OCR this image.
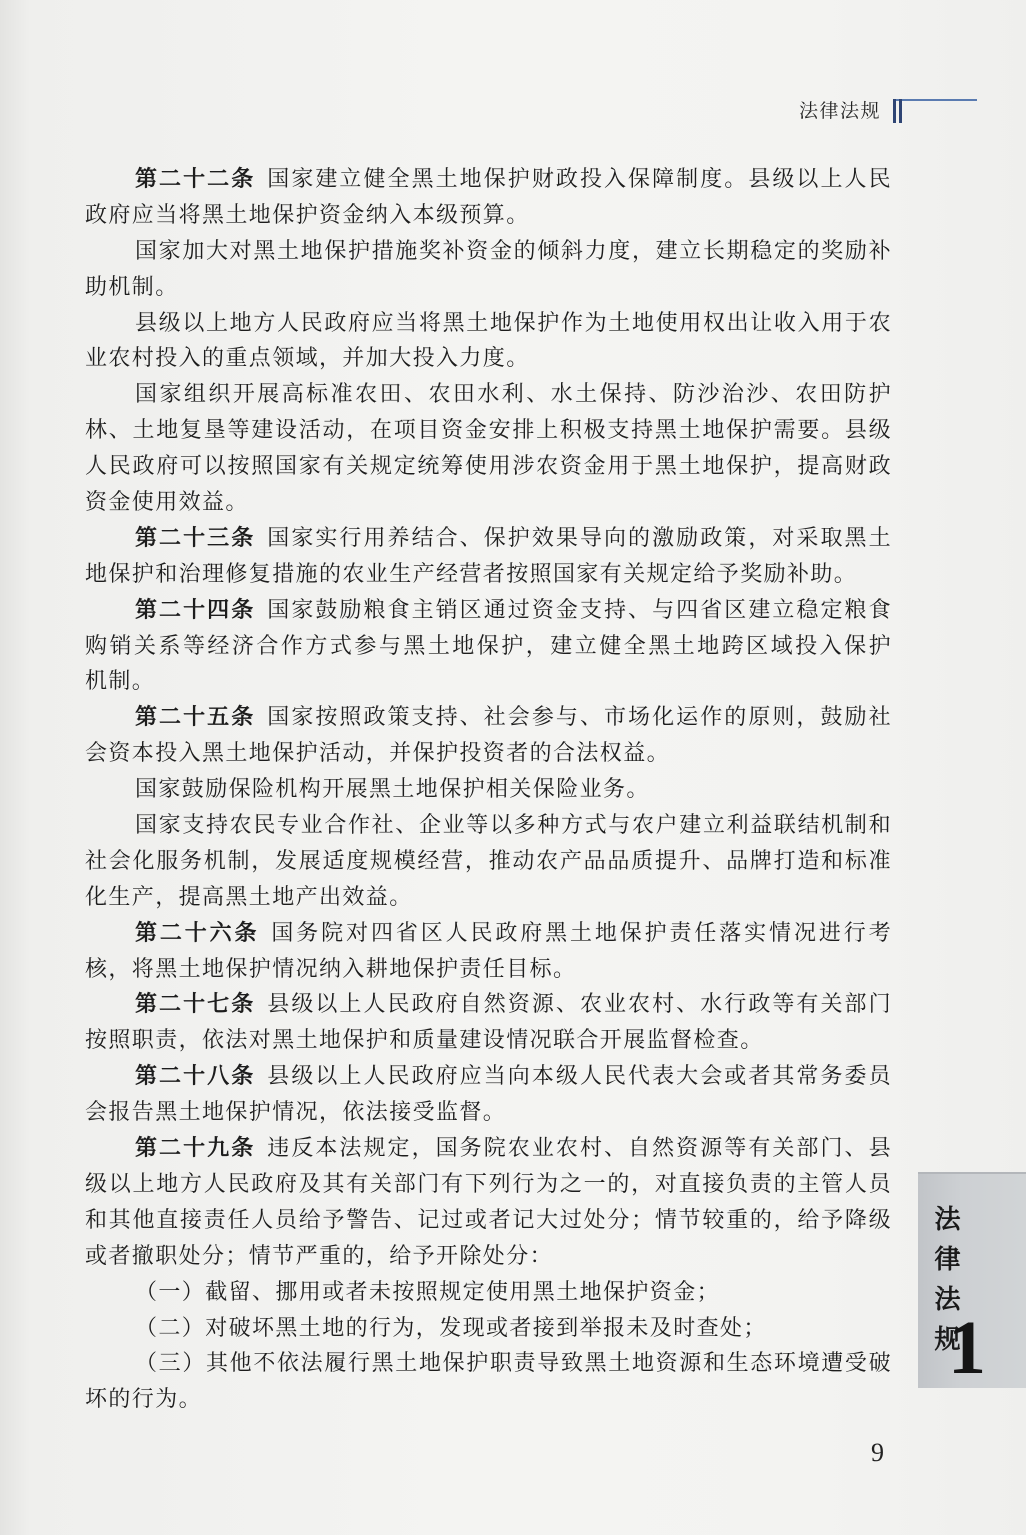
法律法规
第二十二条 国家建立健全黑土地保护财政投入保障制度。县级以上人民
政府应当将黑土地保护资金纳入本级预算。
国家加大对黑土地保护措施奖补资金的倾斜力度，建立长期稳定的奖励补
助机制。
县级以上地方人民政府应当将黑土地保护作为土地使用权出让收入用于农
业农村投入的重点领域，并加大投入力度。
国家组织开展高标准农田、农田水利、水土保持、防沙治沙、农田防护
林、土地复垦等建设活动，在项目资金安排上积极支持黑土地保护需要。县级
人民政府可以按照国家有关规定统筹使用涉农资金用于黑土地保护，提高财政
资金使用效益。
第二十三条 国家实行用养结合、保护效果导向的激励政策，对采取黑土
地保护和治理修复措施的农业生产经营者按照国家有关规定给予奖励补助。
第二十四条 国家鼓励粮食主销区通过资金支持、与四省区建立稳定粮食
购销关系等经济合作方式参与黑土地保护，建立健全黑土地跨区域投入保护
机制。
第二十五条 国家按照政策支持、社会参与、市场化运作的原则，鼓励社
会资本投入黑土地保护活动，并保护投资者的合法权益。
国家鼓励保险机构开展黑土地保护相关保险业务。
国家支持农民专业合作社、企业等以多种方式与农户建立利益联结机制和
社会化服务机制，发展适度规模经营，推动农产品品质提升、品牌打造和标准
化生产，提高黑土地产出效益。
第二十六条 国务院对四省区人民政府黑土地保护责任落实情况进行考
核，将黑土地保护情况纳入耕地保护责任目标。
第二十七条 县级以上人民政府自然资源、农业农村、水行政等有关部门
按照职责，依法对黑土地保护和质量建设情况联合开展监督检查。
第二十八条 县级以上人民政府应当向本级人民代表大会或者其常务委员
会报告黑土地保护情况，依法接受监督。
第二十九条 违反本法规定，国务院农业农村、自然资源等有关部门、县
级以上地方人民政府及其有关部门有下列行为之一的，对直接负责的主管人员
和其他直接责任人员给予警告、记过或者记大过处分；情节较重的，给予降级
或者撤职处分；情节严重的，给予开除处分：
（一）截留、挪用或者未按照规定使用黑土地保护资金；
（二）对破坏黑土地的行为，发现或者接到举报未及时查处；
（三）其他不依法履行黑土地保护职责导致黑土地资源和生态环境遭受破
坏的行为。
法律法规
1
9
